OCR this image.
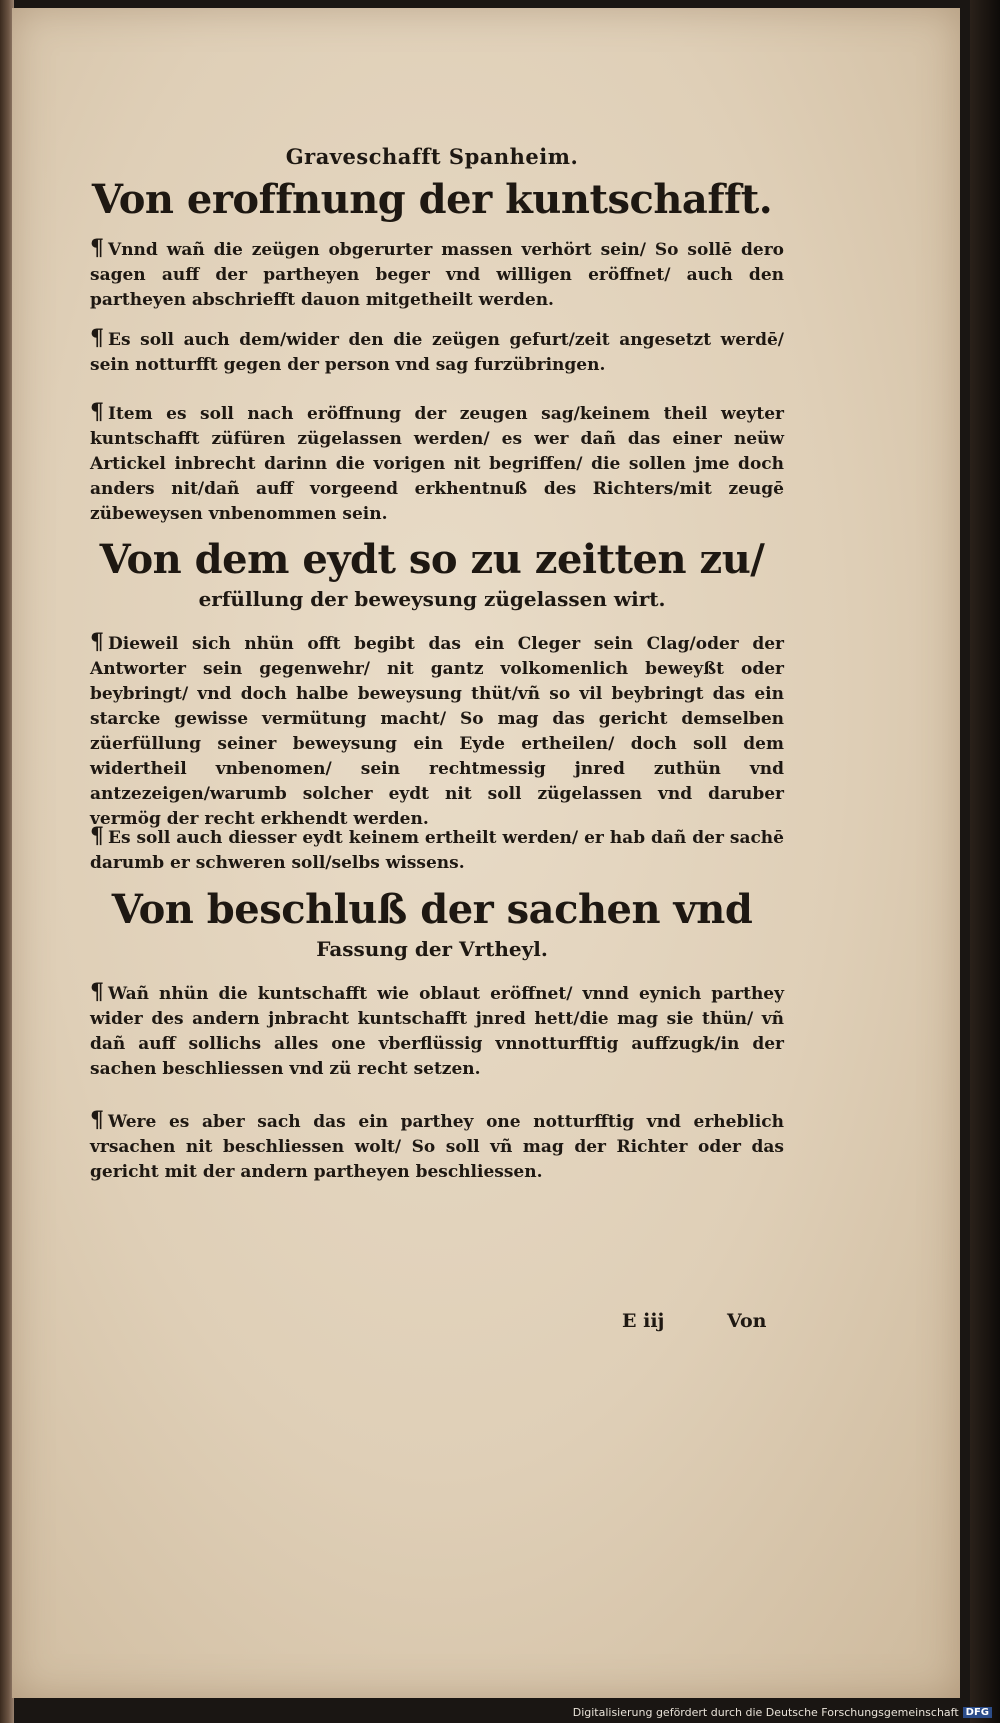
Graveschafft Spanheim.
Von eroffnung der kuntschafft.
¶ Vnnd wañ die zeügen obgerurter massen verhört sein/ So sollē dero sagen auff der partheyen beger vnd willigen eröffnet/ auch den partheyen abschriefft dauon mitgetheilt werden.
¶ Es soll auch dem/wider den die zeügen gefurt/zeit angesetzt werdē/ sein notturfft gegen der person vnd sag furzübringen.
¶ Item es soll nach eröffnung der zeugen sag/keinem theil weyter kuntschafft züfüren zügelassen werden/ es wer dañ das einer neüw Artickel inbrecht darinn die vorigen nit begriffen/ die sollen jme doch anders nit/dañ auff vorgeend erkhentnuß des Richters/mit zeugē zübeweysen vnbenommen sein.
Von dem eydt so zu zeitten zu/
erfüllung der beweysung zügelassen wirt.
¶ Dieweil sich nhün offt begibt das ein Cleger sein Clag/oder der Antworter sein gegenwehr/ nit gantz volkomenlich beweyßt oder beybringt/ vnd doch halbe beweysung thüt/vñ so vil beybringt das ein starcke gewisse vermütung macht/ So mag das gericht demselben züerfüllung seiner beweysung ein Eyde ertheilen/ doch soll dem widertheil vnbenomen/ sein rechtmessig jnred zuthün vnd antzezeigen/warumb solcher eydt nit soll zügelassen vnd daruber vermög der recht erkhendt werden.
¶ Es soll auch diesser eydt keinem ertheilt werden/ er hab dañ der sachē darumb er schweren soll/selbs wissens.
Von beschluß der sachen vnd
Fassung der Vrtheyl.
¶ Wañ nhün die kuntschafft wie oblaut eröffnet/ vnnd eynich parthey wider des andern jnbracht kuntschafft jnred hett/die mag sie thün/ vñ dañ auff sollichs alles one vberflüssig vnnotturfftig auffzugk/in der sachen beschliessen vnd zü recht setzen.
¶ Were es aber sach das ein parthey one notturfftig vnd erheblich vrsachen nit beschliessen wolt/ So soll vñ mag der Richter oder das gericht mit der andern partheyen beschliessen.
E iij	Von
Digitalisierung gefördert durch die Deutsche Forschungsgemeinschaft DFG
